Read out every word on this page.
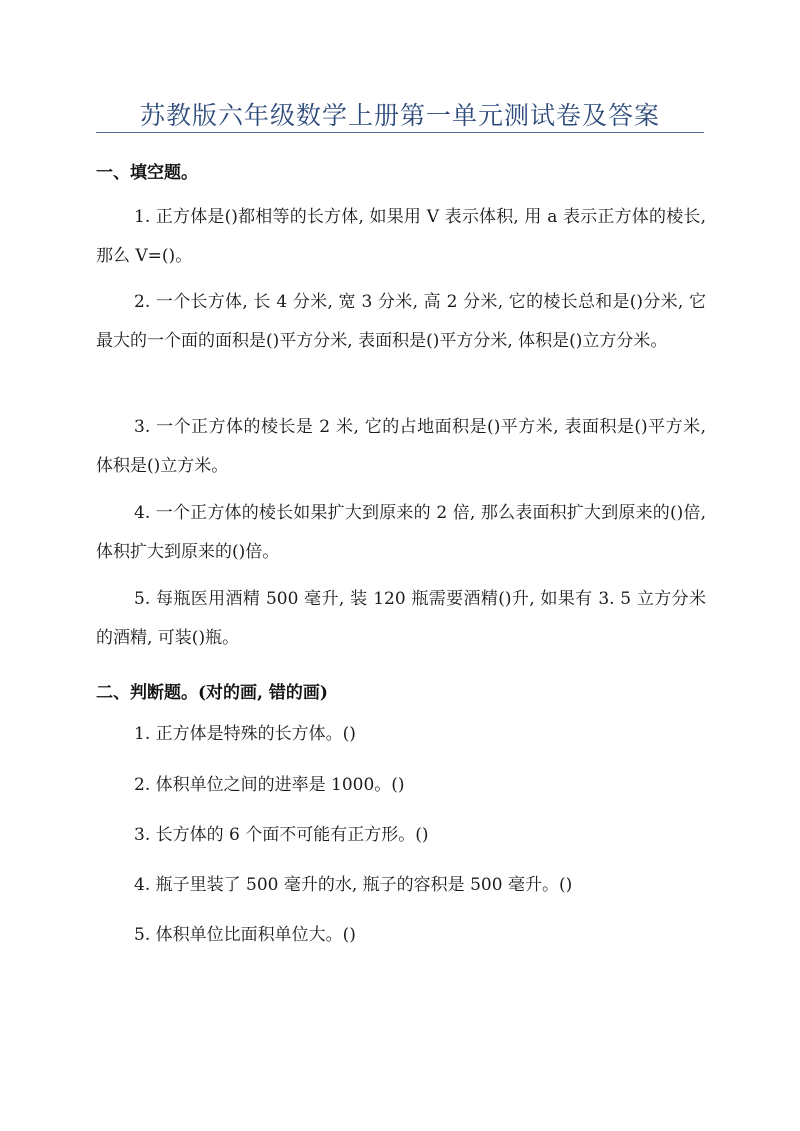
苏教版六年级数学上册第一单元测试卷及答案
一、填空题。

1. 正方体是()都相等的长方体, 如果用 V 表示体积, 用 a 表示正方体的棱长, 那么 V=()。

2. 一个长方体, 长 4 分米, 宽 3 分米, 高 2 分米, 它的棱长总和是()分米, 它最大的一个面的面积是()平方分米, 表面积是()平方分米, 体积是()立方分米。

3. 一个正方体的棱长是 2 米, 它的占地面积是()平方米, 表面积是()平方米, 体积是()立方米。

4. 一个正方体的棱长如果扩大到原来的 2 倍, 那么表面积扩大到原来的()倍, 体积扩大到原来的()倍。

5. 每瓶医用酒精 500 毫升, 装 120 瓶需要酒精()升, 如果有 3. 5 立方分米的酒精, 可装()瓶。

二、判断题。(对的画, 错的画)

1. 正方体是特殊的长方体。()

2. 体积单位之间的进率是 1000。()

3. 长方体的 6 个面不可能有正方形。()

4. 瓶子里装了 500 毫升的水, 瓶子的容积是 500 毫升。()

5. 体积单位比面积单位大。()
